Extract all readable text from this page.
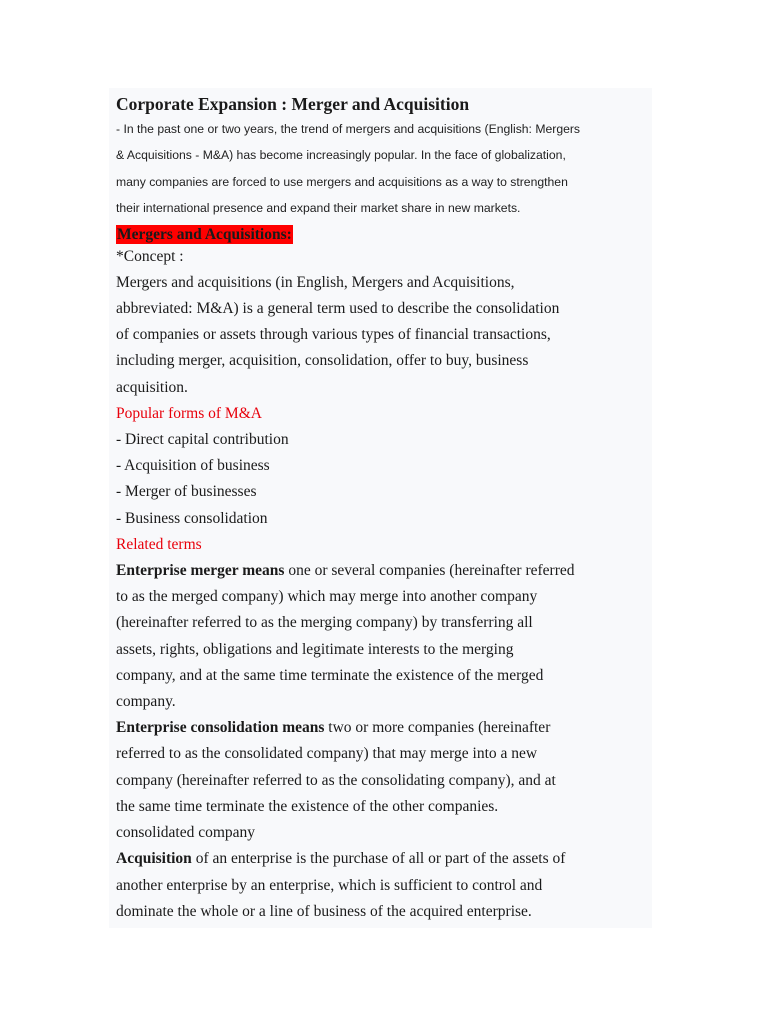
Corporate Expansion : Merger and Acquisition

- In the past one or two years, the trend of mergers and acquisitions (English: Mergers
& Acquisitions - M&A) has become increasingly popular. In the face of globalization,
many companies are forced to use mergers and acquisitions as a way to strengthen
their international presence and expand their market share in new markets.

Mergers and Acquisitions:

*Concept :
Mergers and acquisitions (in English, Mergers and Acquisitions,
abbreviated: M&A) is a general term used to describe the consolidation
of companies or assets through various types of financial transactions,
including merger, acquisition, consolidation, offer to buy, business
acquisition.
Popular forms of M&A
- Direct capital contribution
- Acquisition of business
- Merger of businesses
- Business consolidation
Related terms
Enterprise merger means one or several companies (hereinafter referred
to as the merged company) which may merge into another company
(hereinafter referred to as the merging company) by transferring all
assets, rights, obligations and legitimate interests to the merging
company, and at the same time terminate the existence of the merged
company.
Enterprise consolidation means two or more companies (hereinafter
referred to as the consolidated company) that may merge into a new
company (hereinafter referred to as the consolidating company), and at
the same time terminate the existence of the other companies.
consolidated company
Acquisition of an enterprise is the purchase of all or part of the assets of
another enterprise by an enterprise, which is sufficient to control and
dominate the whole or a line of business of the acquired enterprise.
